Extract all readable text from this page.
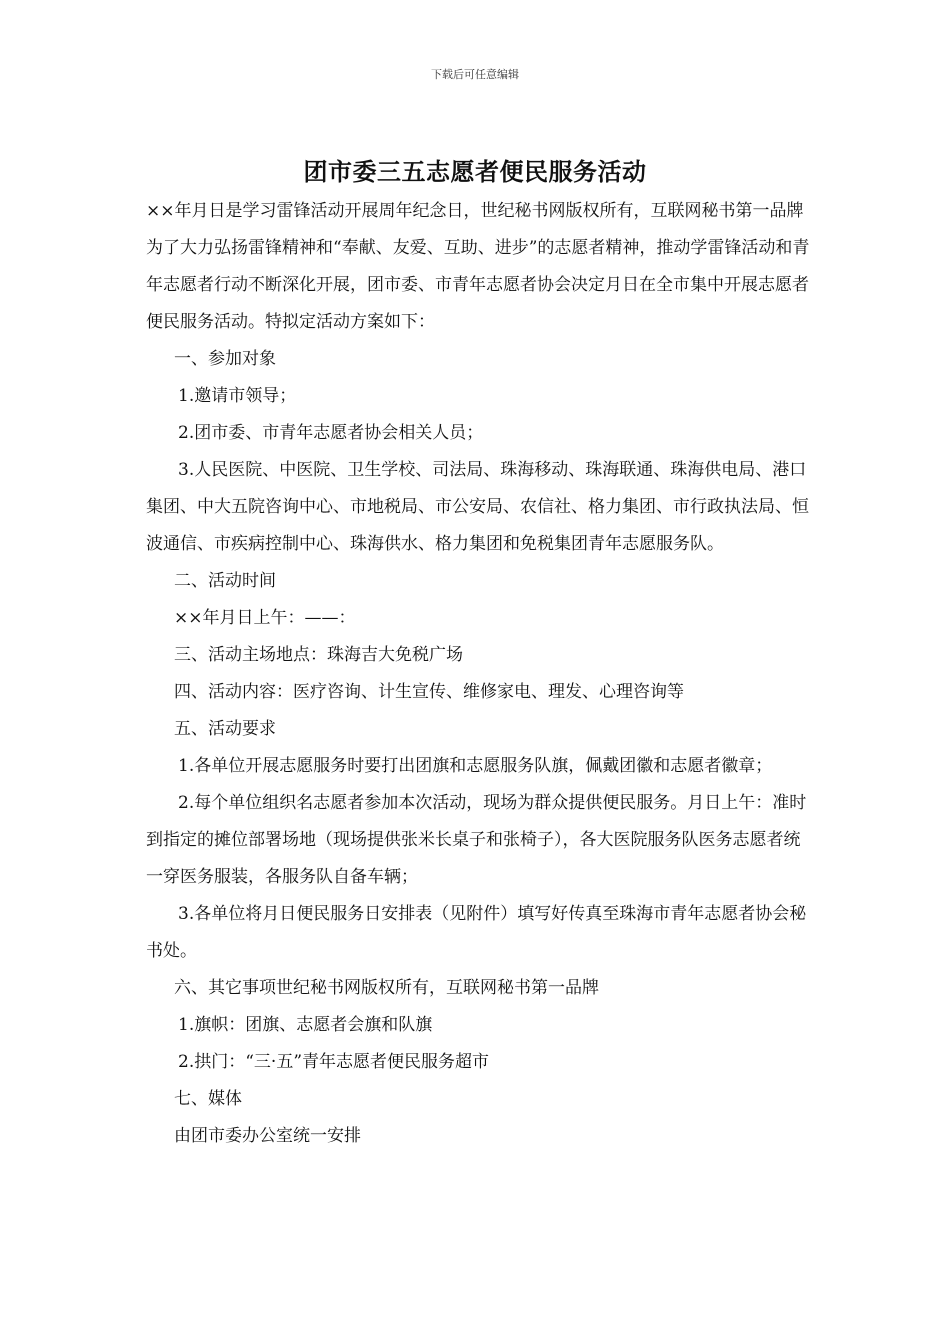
下载后可任意编辑
团市委三五志愿者便民服务活动

××年月日是学习雷锋活动开展周年纪念日，世纪秘书网版权所有，互联网秘书第一品牌为了大力弘扬雷锋精神和“奉献、友爱、互助、进步”的志愿者精神，推动学雷锋活动和青年志愿者行动不断深化开展，团市委、市青年志愿者协会决定月日在全市集中开展志愿者便民服务活动。特拟定活动方案如下：

一、参加对象

1.邀请市领导；

2.团市委、市青年志愿者协会相关人员；

3.人民医院、中医院、卫生学校、司法局、珠海移动、珠海联通、珠海供电局、港口集团、中大五院咨询中心、市地税局、市公安局、农信社、格力集团、市行政执法局、恒波通信、市疾病控制中心、珠海供水、格力集团和免税集团青年志愿服务队。

二、活动时间

××年月日上午：——：

三、活动主场地点：珠海吉大免税广场

四、活动内容：医疗咨询、计生宣传、维修家电、理发、心理咨询等

五、活动要求

1.各单位开展志愿服务时要打出团旗和志愿服务队旗，佩戴团徽和志愿者徽章；

2.每个单位组织名志愿者参加本次活动，现场为群众提供便民服务。月日上午：准时到指定的摊位部署场地（现场提供张米长桌子和张椅子），各大医院服务队医务志愿者统一穿医务服装，各服务队自备车辆；

3.各单位将月日便民服务日安排表（见附件）填写好传真至珠海市青年志愿者协会秘书处。

六、其它事项世纪秘书网版权所有，互联网秘书第一品牌

1.旗帜：团旗、志愿者会旗和队旗

2.拱门：“三·五”青年志愿者便民服务超市

七、媒体

由团市委办公室统一安排
